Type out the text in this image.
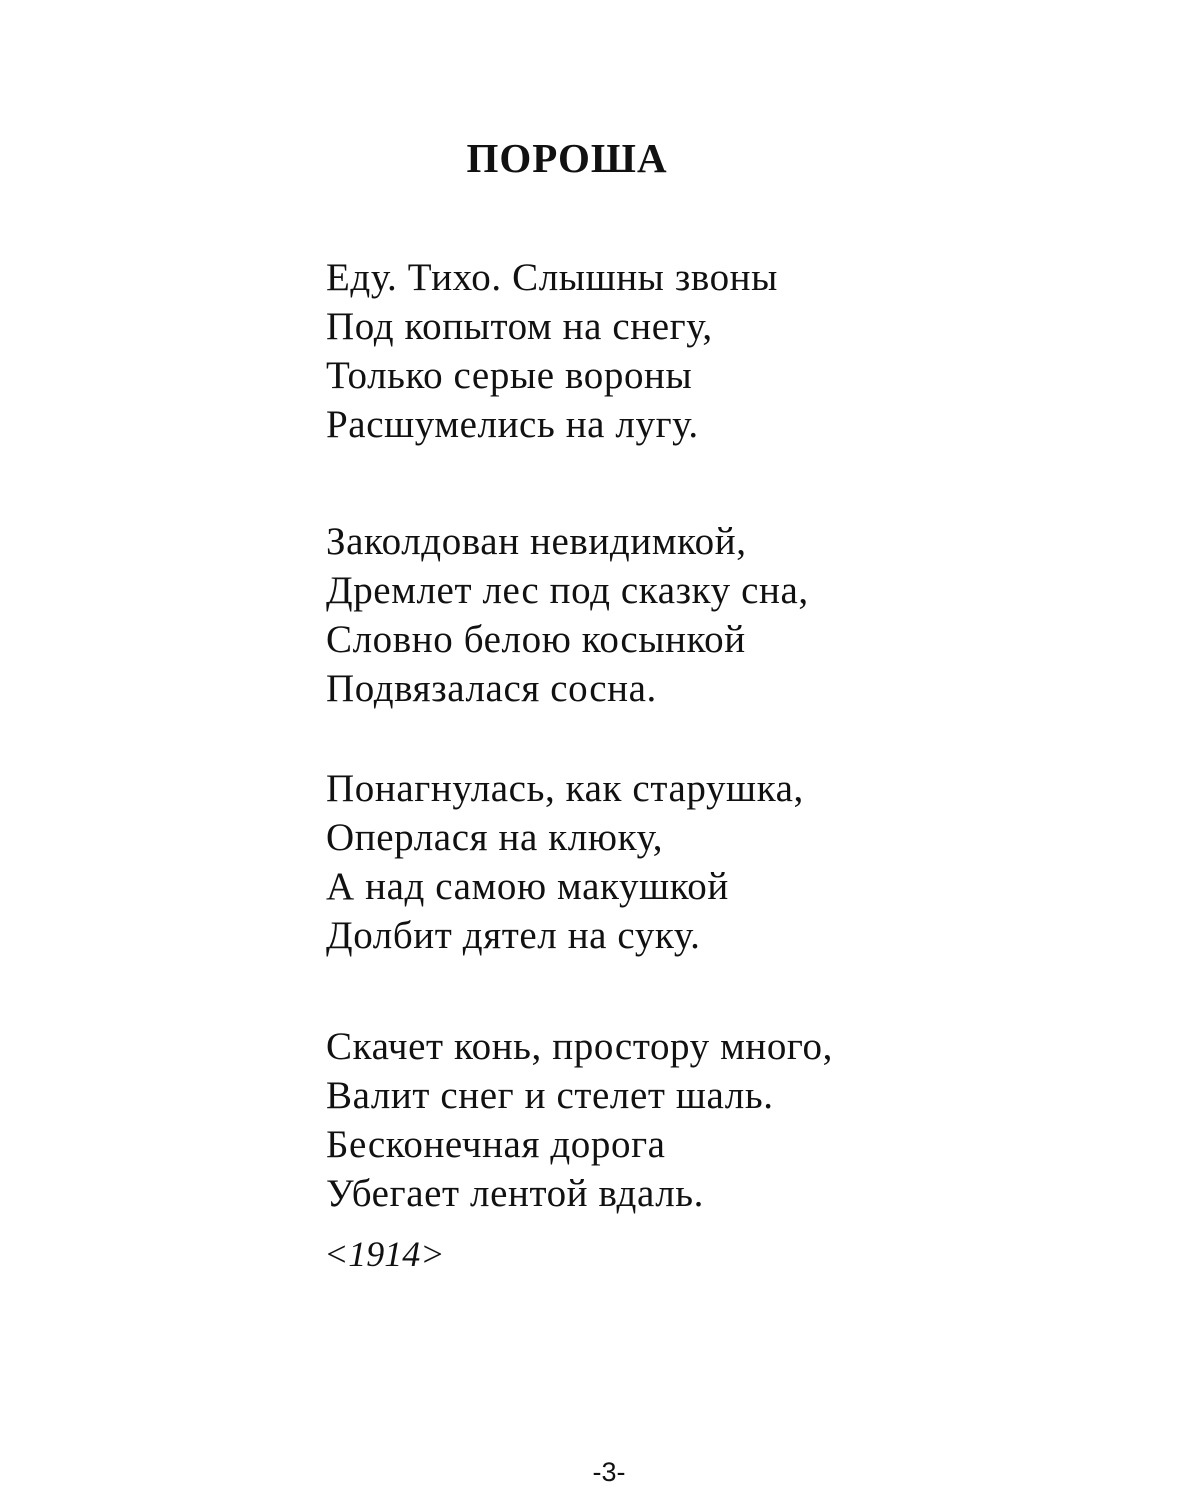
ПОРОША
Еду. Тихо. Слышны звоны
Под копытом на снегу,
Только серые вороны
Расшумелись на лугу.
Заколдован невидимкой,
Дремлет лес под сказку сна,
Словно белою косынкой
Подвязалася сосна.
Понагнулась, как старушка,
Оперлася на клюку,
А над самою макушкой
Долбит дятел на суку.
Скачет конь, простору много,
Валит снег и стелет шаль.
Бесконечная дорога
Убегает лентой вдаль.
<1914>
-3-
